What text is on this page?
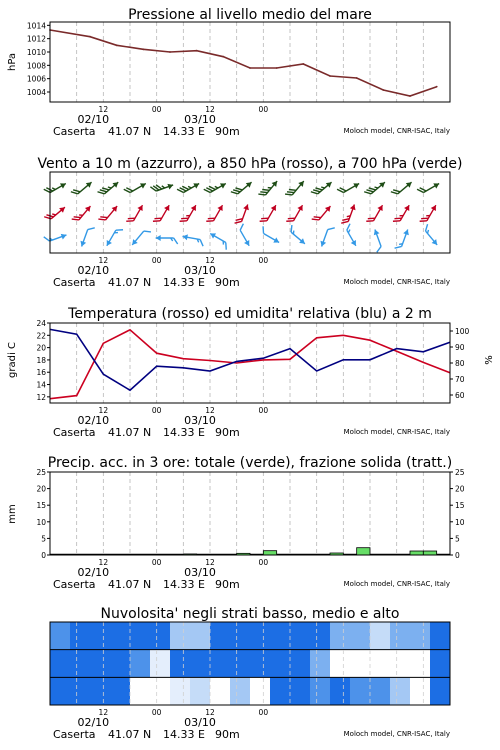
Pressione al livello medio del mare
Vento a 10 m (azzurro), a 850 hPa (rosso), a 700 hPa (verde)
Temperatura (rosso) ed umidita' relativa (blu) a 2 m
Precip. acc. in 3 ore: totale (verde), frazione solida (tratt.)
Nuvolosita' negli strati basso, medio e alto
hPa
gradi C	%
mm
1004
1006
1008
1010
1012
1014
12	00	12	00
02/10	03/10
Caserta 41.07 N 14.33 E 90m	Moloch model, CNR-ISAC, Italy
12	00	12	00
02/10	03/10
Caserta 41.07 N 14.33 E 90m	Moloch model, CNR-ISAC, Italy
12
14
16
18
20
22
24
60
70
80
90
100
12	00	12	00
02/10	03/10
Caserta 41.07 N 14.33 E 90m	Moloch model, CNR-ISAC, Italy
0	0
5	5
10	10
15	15
20	20
25	25
12	00	12	00
02/10	03/10
Caserta 41.07 N 14.33 E 90m	Moloch model, CNR-ISAC, Italy
12	00	12	00
02/10	03/10
Caserta 41.07 N 14.33 E 90m	Moloch model, CNR-ISAC, Italy
